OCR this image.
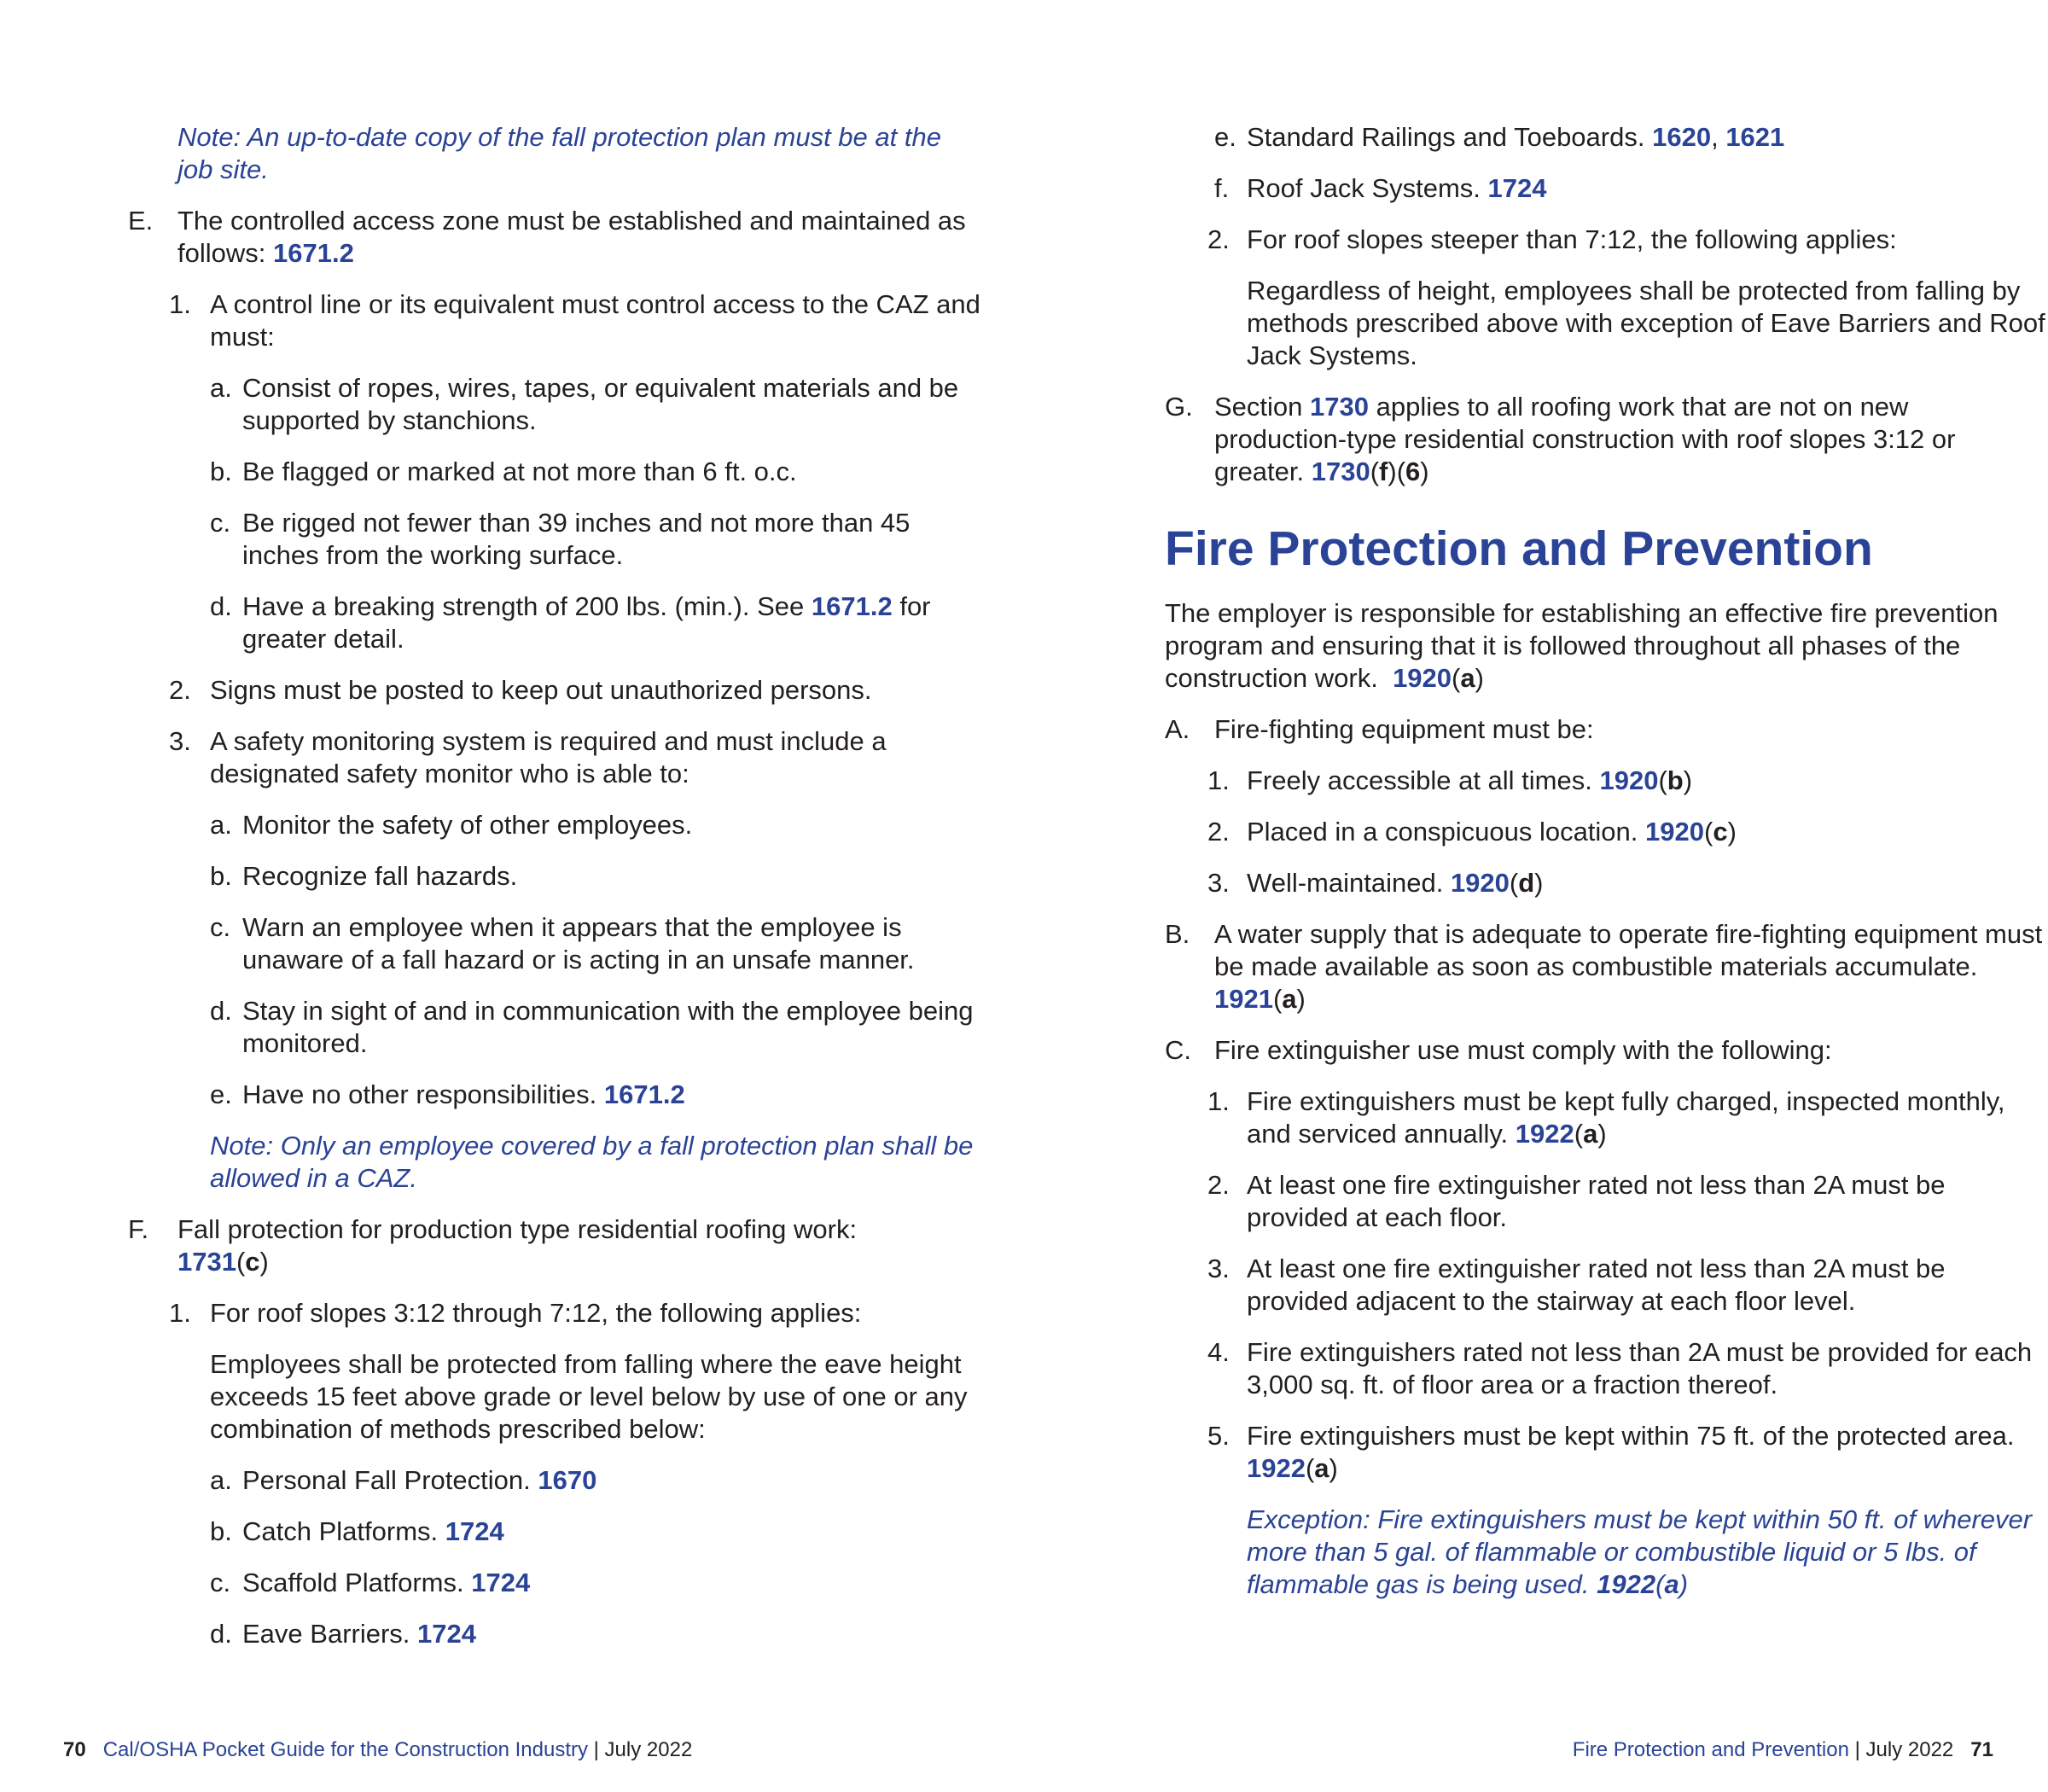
Note: An up-to-date copy of the fall protection plan must be at the job site.

E. The controlled access zone must be established and maintained as follows: 1671.2

1. A control line or its equivalent must control access to the CAZ and must:

a. Consist of ropes, wires, tapes, or equivalent materials and be supported by stanchions.

b. Be flagged or marked at not more than 6 ft. o.c.

c. Be rigged not fewer than 39 inches and not more than 45 inches from the working surface.

d. Have a breaking strength of 200 lbs. (min.). See 1671.2 for greater detail.

2. Signs must be posted to keep out unauthorized persons.

3. A safety monitoring system is required and must include a designated safety monitor who is able to:

a. Monitor the safety of other employees.

b. Recognize fall hazards.

c. Warn an employee when it appears that the employee is unaware of a fall hazard or is acting in an unsafe manner.

d. Stay in sight of and in communication with the employee being monitored.

e. Have no other responsibilities. 1671.2

Note: Only an employee covered by a fall protection plan shall be allowed in a CAZ.

F. Fall protection for production type residential roofing work:
1731(c)

1. For roof slopes 3:12 through 7:12, the following applies:

Employees shall be protected from falling where the eave height exceeds 15 feet above grade or level below by use of one or any combination of methods prescribed below:

a. Personal Fall Protection. 1670

b. Catch Platforms. 1724

c. Scaffold Platforms. 1724

d. Eave Barriers. 1724

70 Cal/OSHA Pocket Guide for the Construction Industry | July 2022

e. Standard Railings and Toeboards. 1620, 1621

f. Roof Jack Systems. 1724

2. For roof slopes steeper than 7:12, the following applies:

Regardless of height, employees shall be protected from falling by methods prescribed above with exception of Eave Barriers and Roof Jack Systems.

G. Section 1730 applies to all roofing work that are not on new production-type residential construction with roof slopes 3:12 or greater. 1730(f)(6)

Fire Protection and Prevention

The employer is responsible for establishing an effective fire prevention program and ensuring that it is followed throughout all phases of the construction work. 1920(a)

A. Fire-fighting equipment must be:

1. Freely accessible at all times. 1920(b)

2. Placed in a conspicuous location. 1920(c)

3. Well-maintained. 1920(d)

B. A water supply that is adequate to operate fire-fighting equipment must be made available as soon as combustible materials accumulate. 1921(a)

C. Fire extinguisher use must comply with the following:

1. Fire extinguishers must be kept fully charged, inspected monthly, and serviced annually. 1922(a)

2. At least one fire extinguisher rated not less than 2A must be provided at each floor.

3. At least one fire extinguisher rated not less than 2A must be provided adjacent to the stairway at each floor level.

4. Fire extinguishers rated not less than 2A must be provided for each 3,000 sq. ft. of floor area or a fraction thereof.

5. Fire extinguishers must be kept within 75 ft. of the protected area. 1922(a)

Exception: Fire extinguishers must be kept within 50 ft. of wherever more than 5 gal. of flammable or combustible liquid or 5 lbs. of flammable gas is being used. 1922(a)

Fire Protection and Prevention | July 2022 71
